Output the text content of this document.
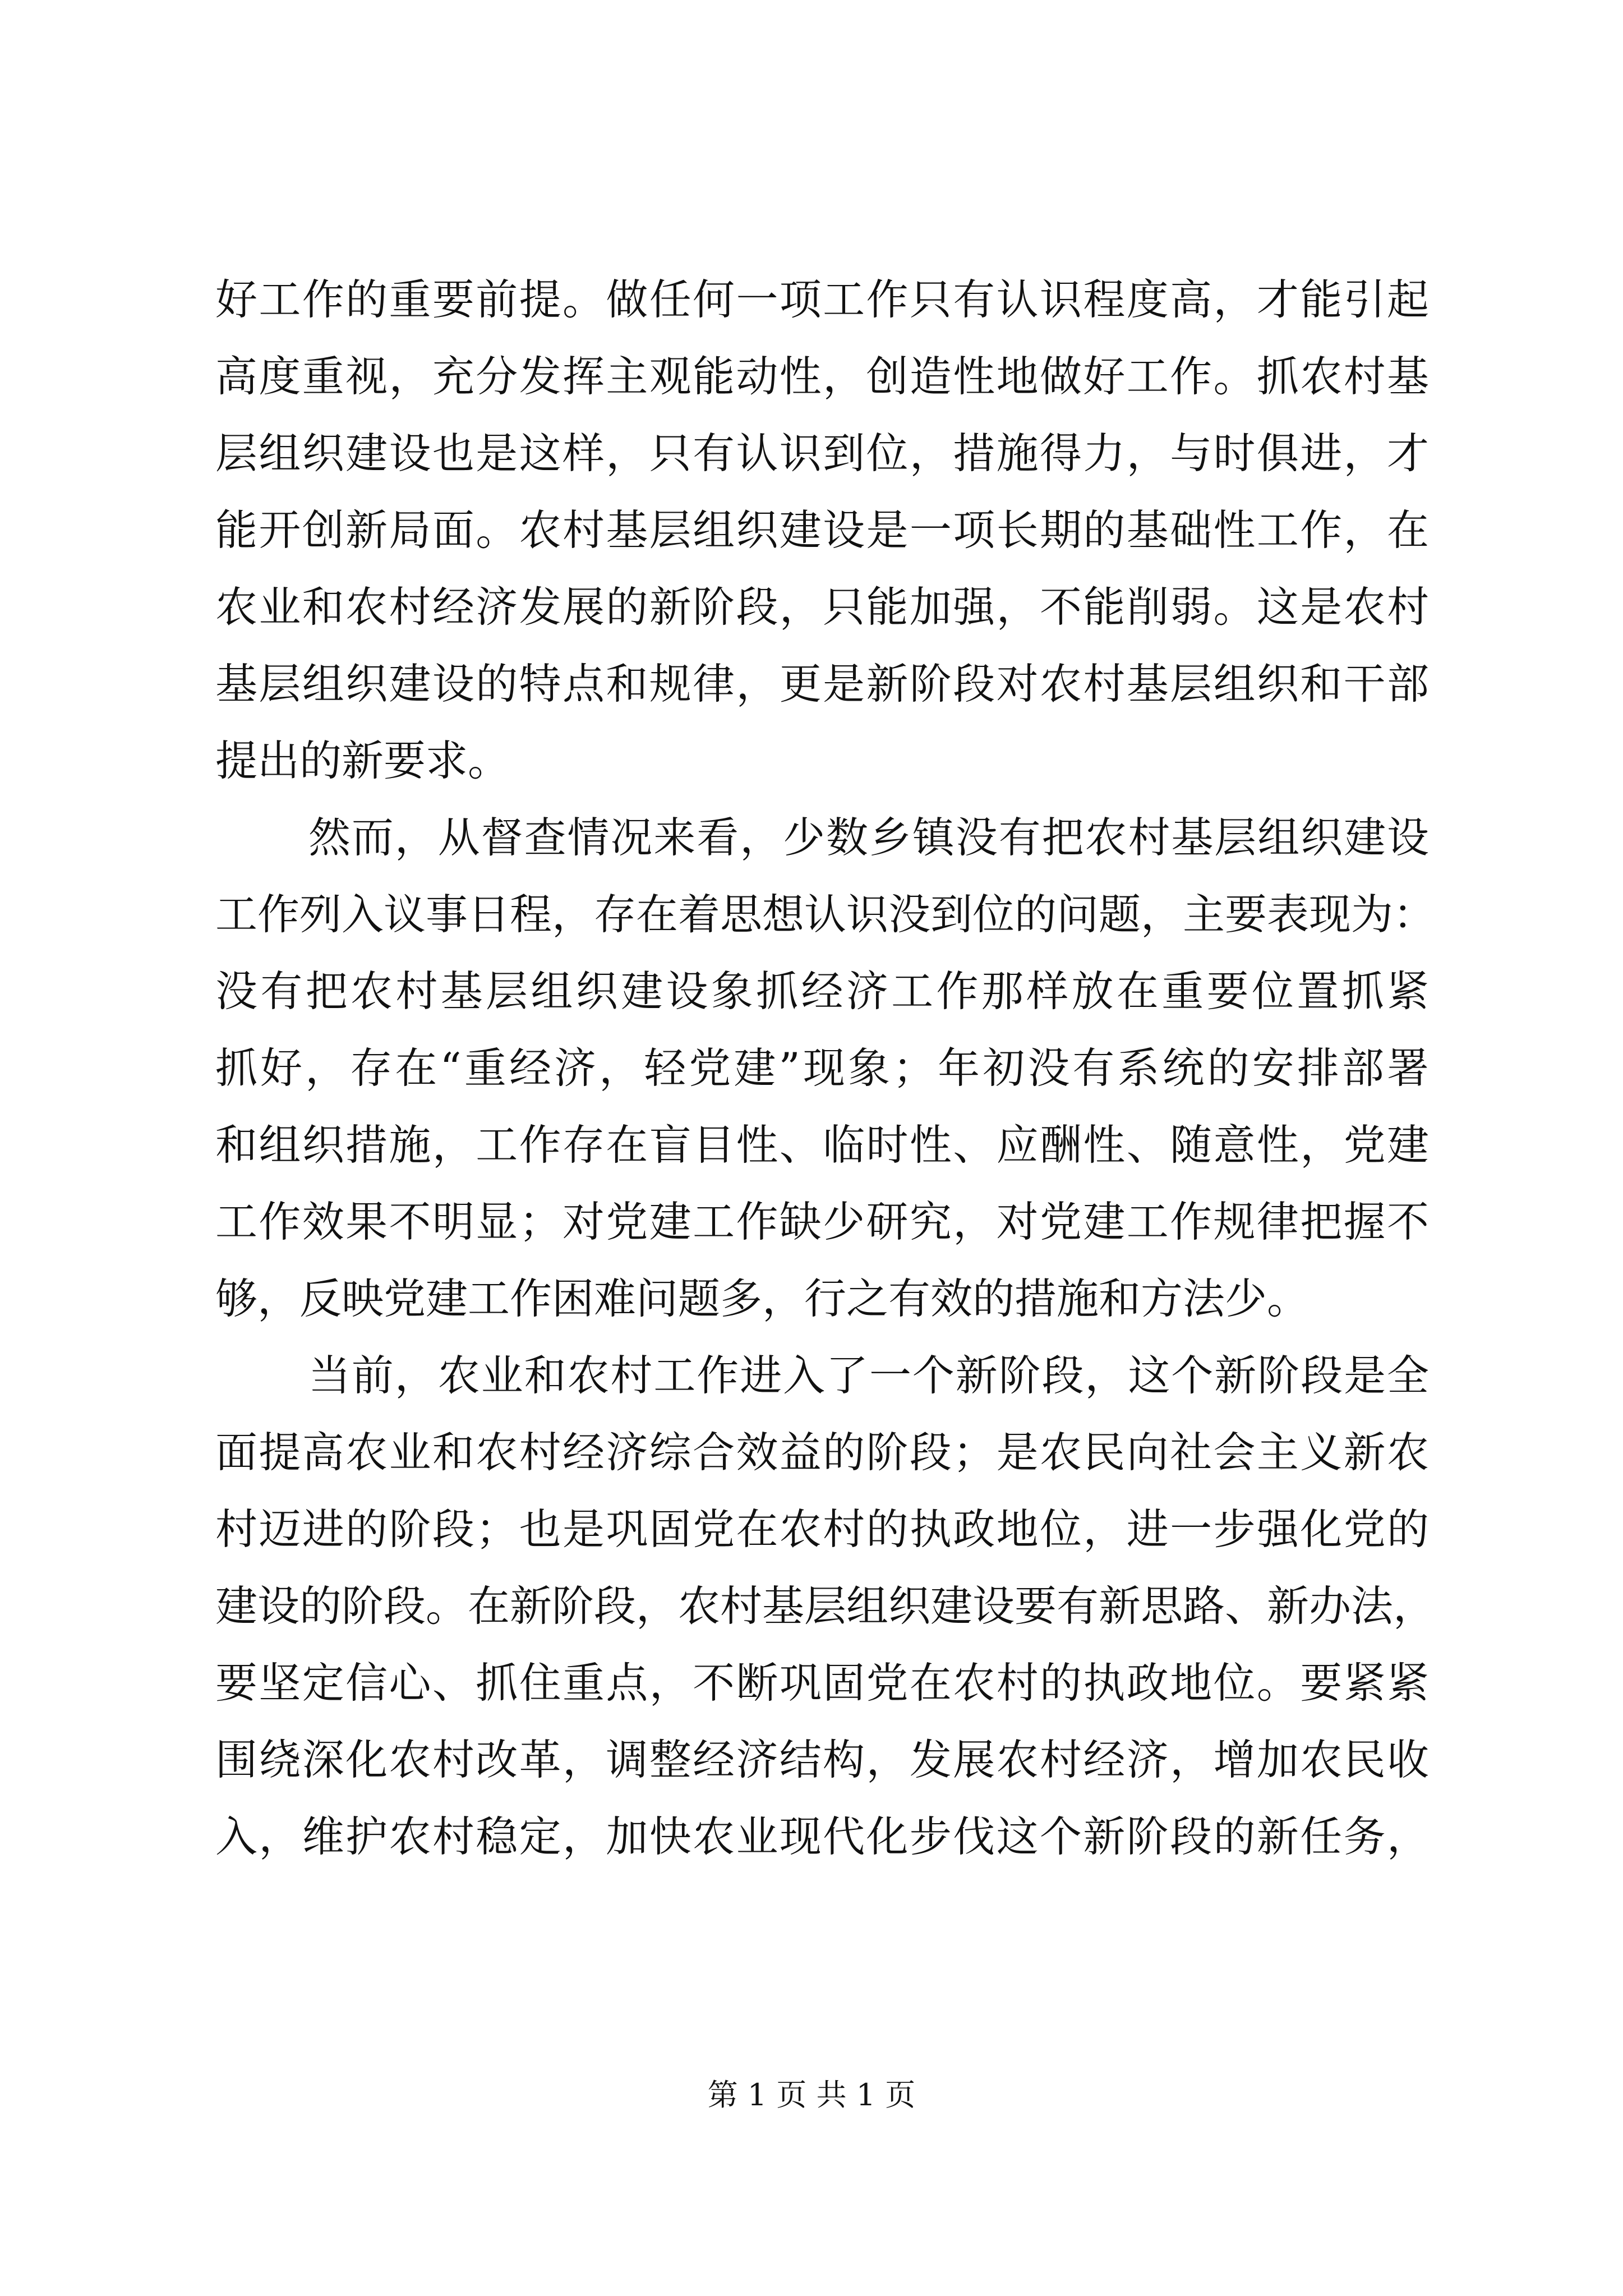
好工作的重要前提。做任何一项工作只有认识程度高，才能引起
高度重视，充分发挥主观能动性，创造性地做好工作。抓农村基
层组织建设也是这样，只有认识到位，措施得力，与时俱进，才
能开创新局面。农村基层组织建设是一项长期的基础性工作，在
农业和农村经济发展的新阶段，只能加强，不能削弱。这是农村
基层组织建设的特点和规律，更是新阶段对农村基层组织和干部
提出的新要求。
然而，从督查情况来看，少数乡镇没有把农村基层组织建设
工作列入议事日程，存在着思想认识没到位的问题，主要表现为：
没有把农村基层组织建设象抓经济工作那样放在重要位置抓紧
抓好，存在“重经济，轻党建”现象；年初没有系统的安排部署
和组织措施，工作存在盲目性、临时性、应酬性、随意性，党建
工作效果不明显；对党建工作缺少研究，对党建工作规律把握不
够，反映党建工作困难问题多，行之有效的措施和方法少。
当前，农业和农村工作进入了一个新阶段，这个新阶段是全
面提高农业和农村经济综合效益的阶段；是农民向社会主义新农
村迈进的阶段；也是巩固党在农村的执政地位，进一步强化党的
建设的阶段。在新阶段，农村基层组织建设要有新思路、新办法，
要坚定信心、抓住重点，不断巩固党在农村的执政地位。要紧紧
围绕深化农村改革，调整经济结构，发展农村经济，增加农民收
入，维护农村稳定，加快农业现代化步伐这个新阶段的新任务，
第 1 页 共 1 页
